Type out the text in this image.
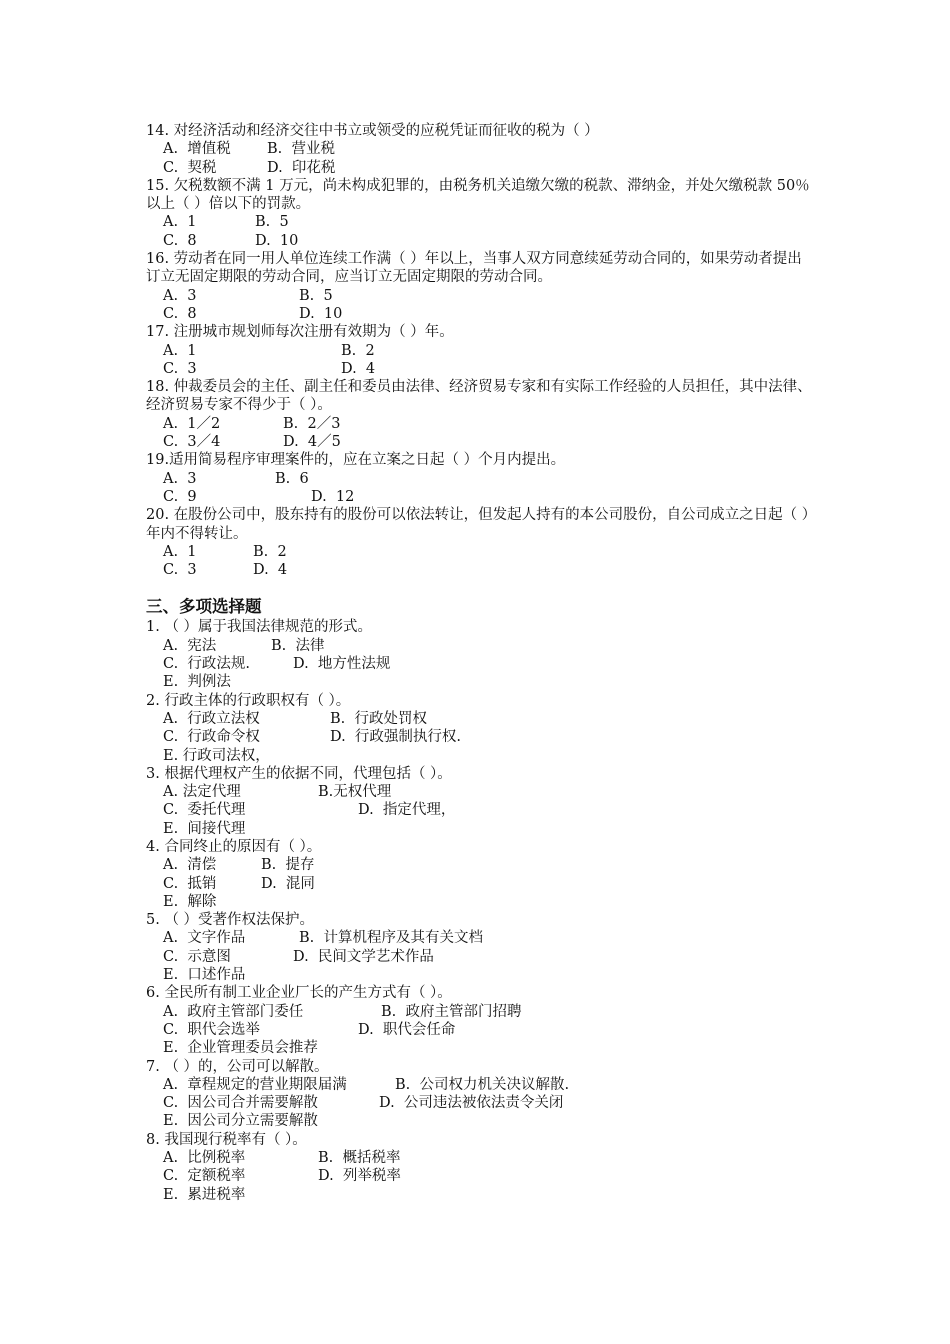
14. 对经济活动和经济交往中书立或领受的应税凭证而征收的税为（ ）
A.  增值税	B.  营业税
C.  契税	D.  印花税
15. 欠税数额不满 1 万元，尚未构成犯罪的，由税务机关追缴欠缴的税款、滞纳金，并处欠缴税款 50％以上（ ）倍以下的罚款。
A.  1	B.  5
C.  8	D.  10
16. 劳动者在同一用人单位连续工作满（ ）年以上，当事人双方同意续延劳动合同的，如果劳动者提出订立无固定期限的劳动合同，应当订立无固定期限的劳动合同。
A.  3	B.  5
C.  8	D.  10
17. 注册城市规划师每次注册有效期为（ ）年。
A.  1	B.  2
C.  3	D.  4
18. 仲裁委员会的主任、副主任和委员由法律、经济贸易专家和有实际工作经验的人员担任，其中法律、经济贸易专家不得少于（ ）。
A.  1／2	B.  2／3
C.  3／4	D.  4／5
19.适用简易程序审理案件的，应在立案之日起（ ）个月内提出。
A.  3	B.  6
C.  9	D.  12
20. 在股份公司中，股东持有的股份可以依法转让，但发起人持有的本公司股份，自公司成立之日起（ ）年内不得转让。
A.  1	B.  2
C.  3	D.  4
三、多项选择题
1. （ ）属于我国法律规范的形式。
A.  宪法	B.  法律
C.  行政法规.	D.  地方性法规
E.  判例法
2. 行政主体的行政职权有（ ）。
A.  行政立法权	B.  行政处罚权
C.  行政命令权	D.  行政强制执行权.
E. 行政司法权，
3. 根据代理权产生的依据不同，代理包括（ ）。
A. 法定代理	B.无权代理
C.  委托代理	D.  指定代理，
E.  间接代理
4. 合同终止的原因有（ ）。
A.  清偿	B.  提存
C.  抵销	D.  混同
E.  解除
5. （ ）受著作权法保护。
A.  文字作品	B.  计算机程序及其有关文档
C.  示意图	D.  民间文学艺术作品
E.  口述作品
6. 全民所有制工业企业厂长的产生方式有（ ）。
A.  政府主管部门委任	B.  政府主管部门招聘
C.  职代会选举	D.  职代会任命
E.  企业管理委员会推荐
7. （ ）的，公司可以解散。
A.  章程规定的营业期限届满	B.  公司权力机关决议解散.
C.  因公司合并需要解散	D.  公司违法被依法责令关闭
E.  因公司分立需要解散
8. 我国现行税率有（ ）。
A.  比例税率	B.  概括税率
C.  定额税率	D.  列举税率
E.  累进税率
